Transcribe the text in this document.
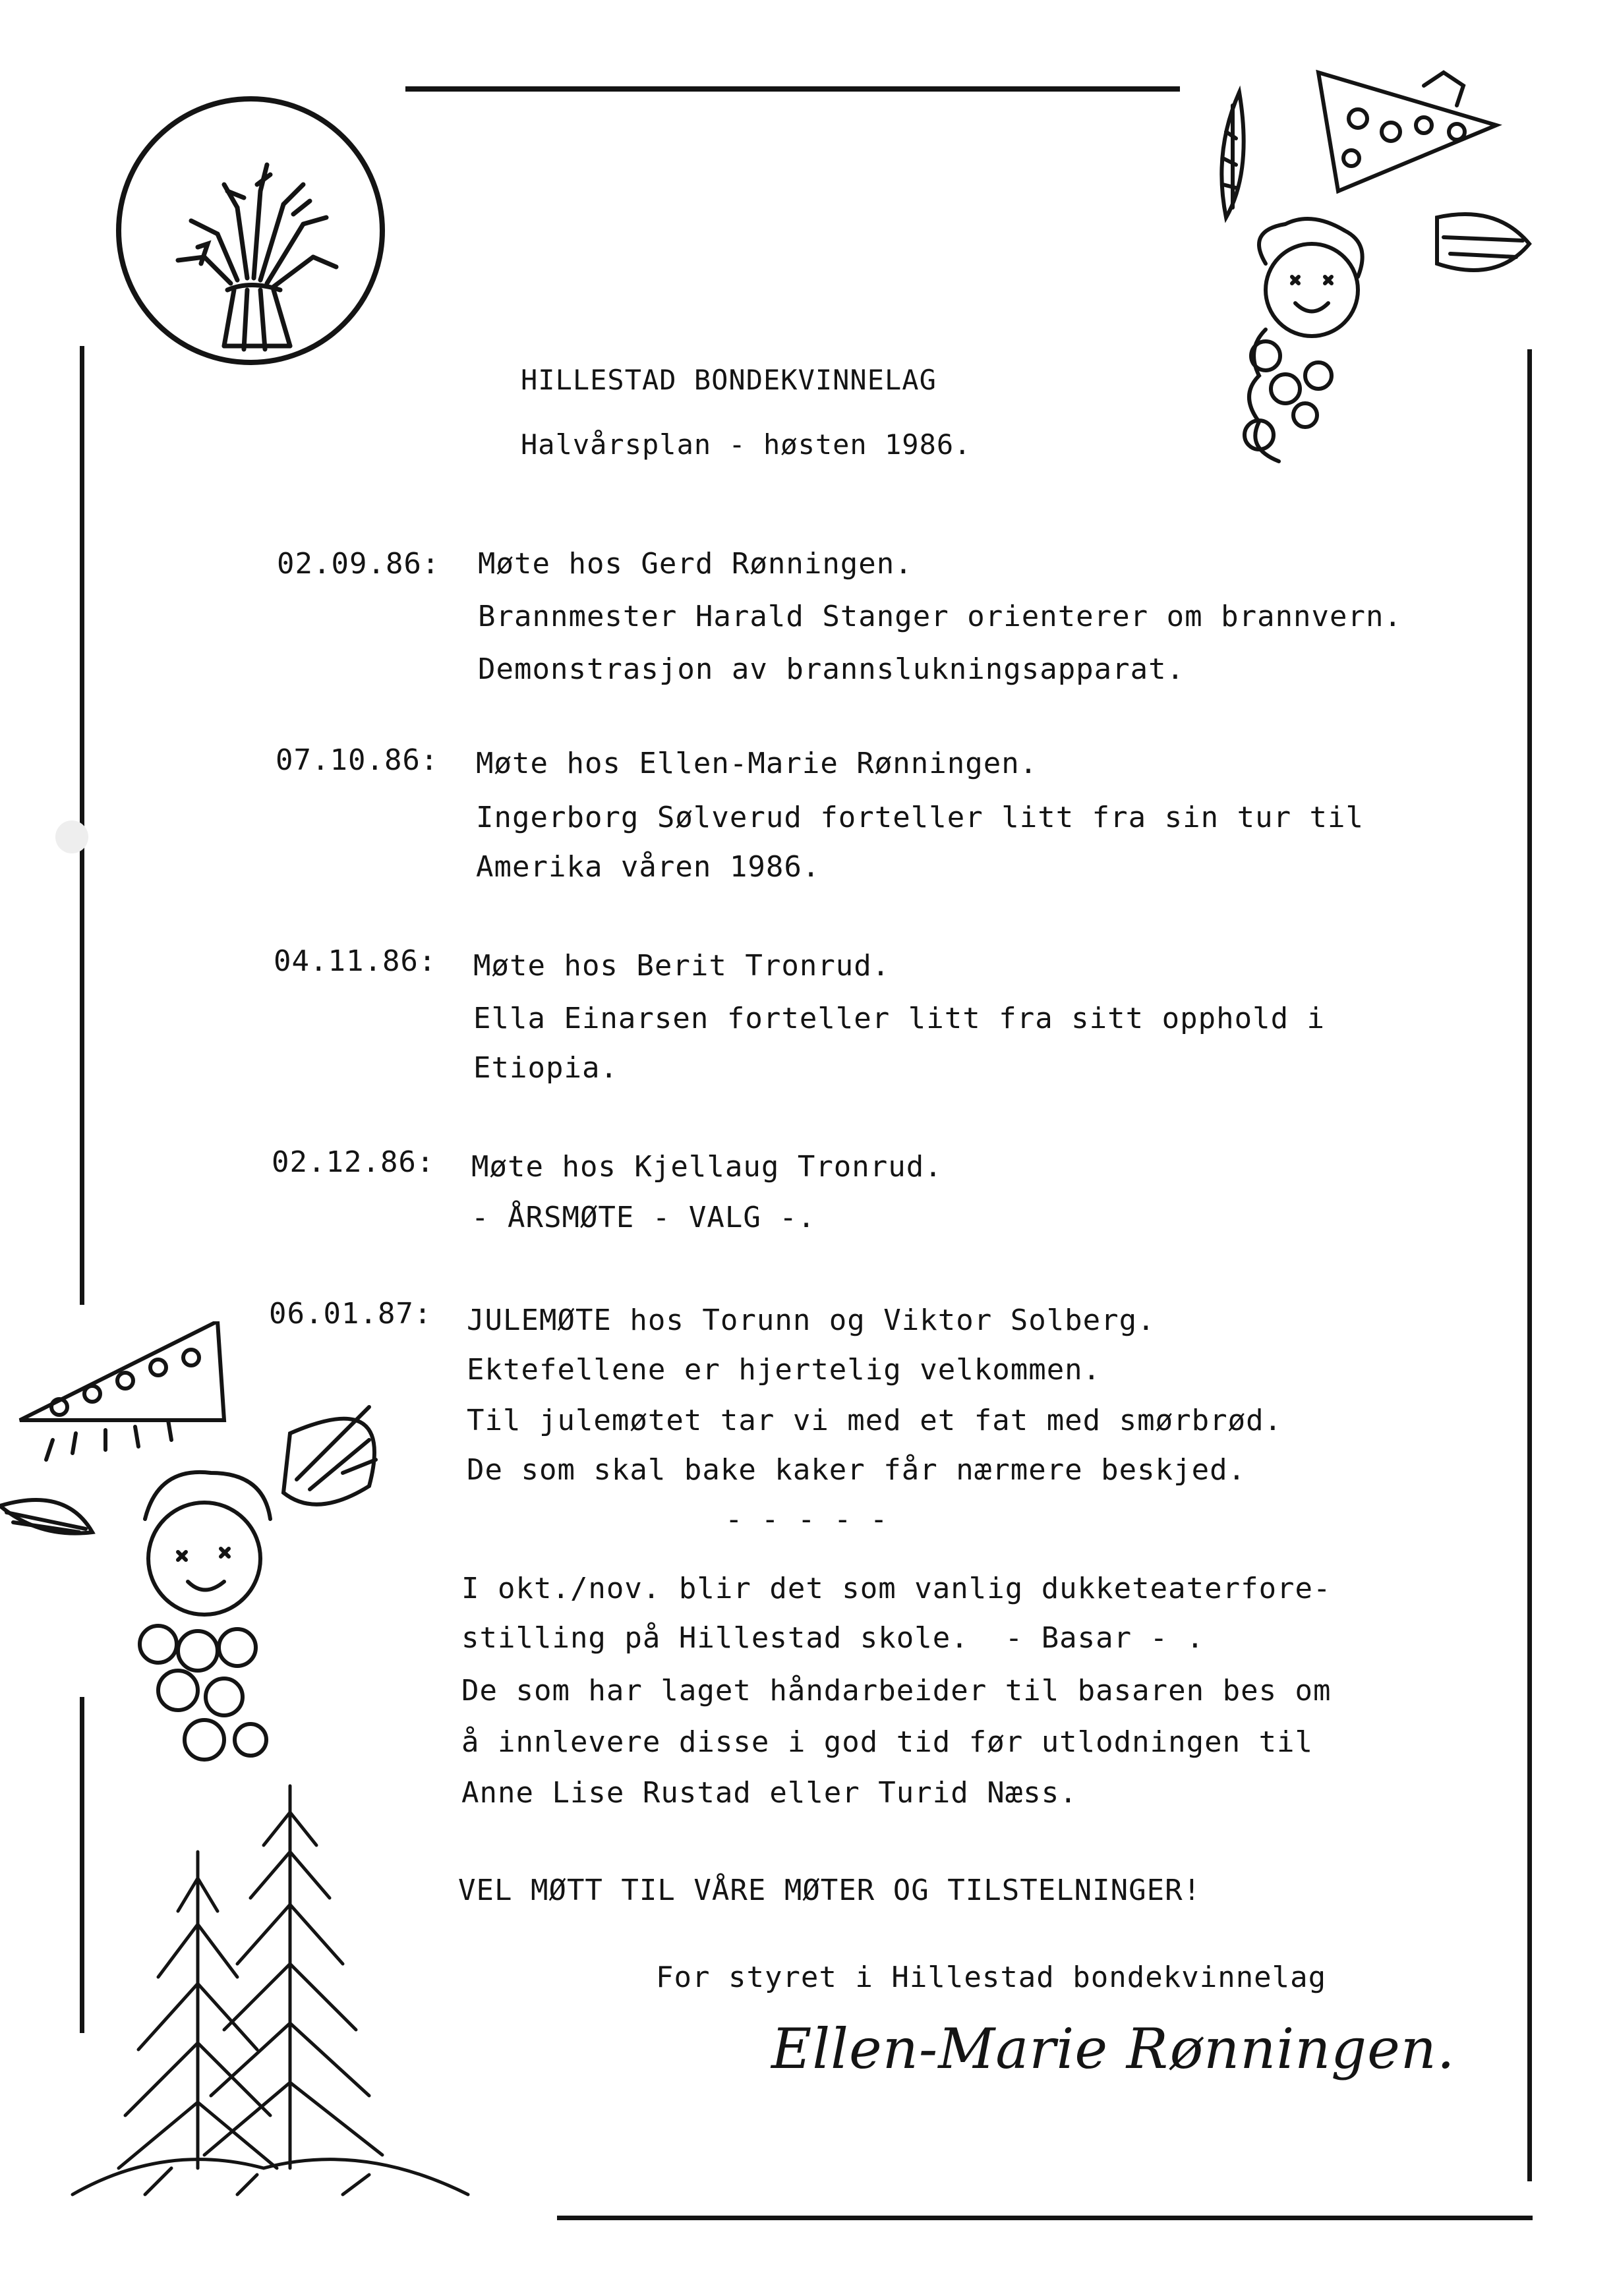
HILLESTAD BONDEKVINNELAG
Halvårsplan - høsten 1986.
02.09.86:	Møte hos Gerd Rønningen.
Brannmester Harald Stanger orienterer om brannvern.
Demonstrasjon av brannslukningsapparat.
07.10.86:	Møte hos Ellen-Marie Rønningen.
Ingerborg Sølverud forteller litt fra sin tur til
Amerika våren 1986.
04.11.86:	Møte hos Berit Tronrud.
Ella Einarsen forteller litt fra sitt opphold i
Etiopia.
02.12.86:	Møte hos Kjellaug Tronrud.
- ÅRSMØTE - VALG -.
06.01.87:	JULEMØTE hos Torunn og Viktor Solberg.
Ektefellene er hjertelig velkommen.
Til julemøtet tar vi med et fat med smørbrød.
De som skal bake kaker får nærmere beskjed.
- - - - -
I okt./nov. blir det som vanlig dukketeaterfore-
stilling på Hillestad skole.  - Basar - .
De som har laget håndarbeider til basaren bes om
å innlevere disse i god tid før utlodningen til
Anne Lise Rustad eller Turid Næss.
VEL MØTT TIL VÅRE MØTER OG TILSTELNINGER!
For styret i Hillestad bondekvinnelag
Ellen-Marie Rønningen.
